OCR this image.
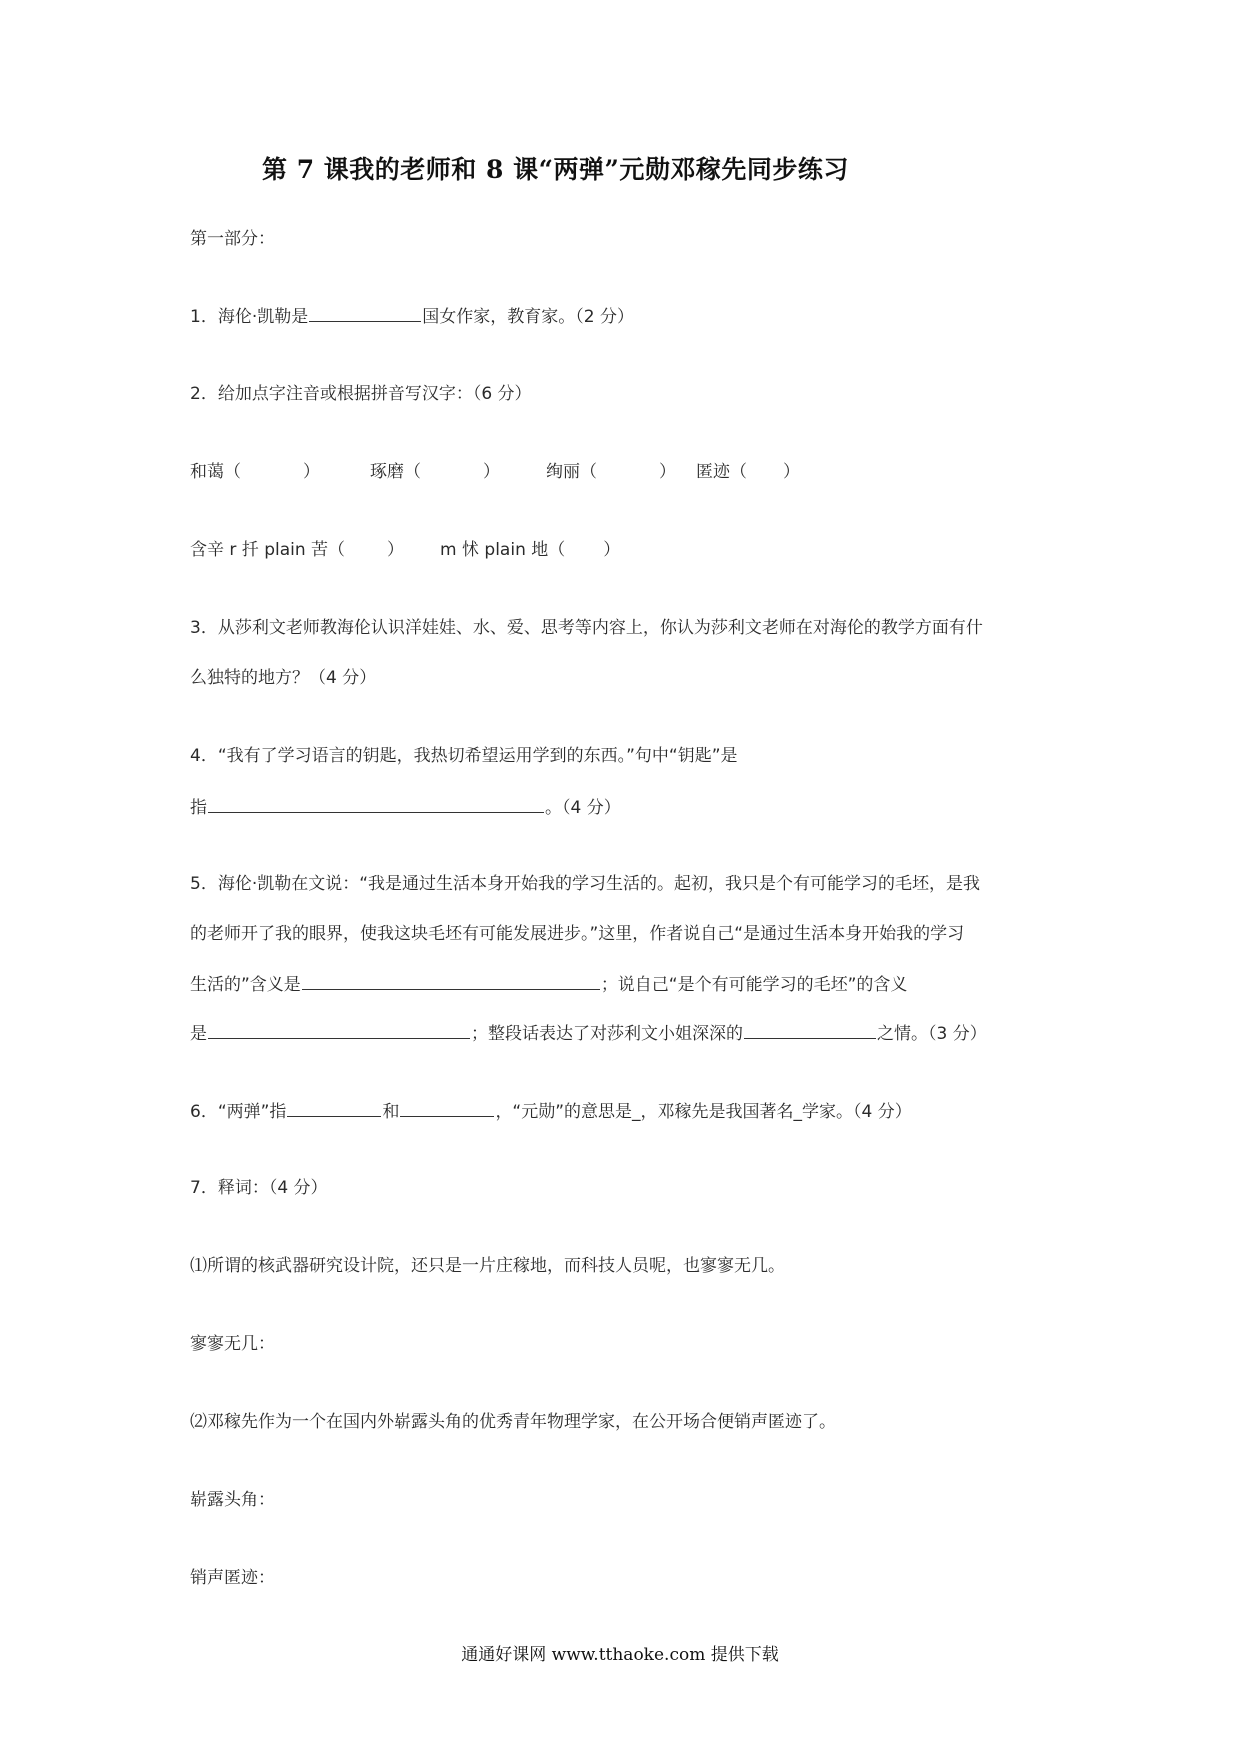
第 7 课我的老师和 8 课“两弹”元勋邓稼先同步练习
第一部分：
1．海伦·凯勒是	国女作家，教育家。（2 分）
2．给加点字注音或根据拼音写汉字：（6 分）
和蔼（	）	琢磨（	）	绚丽（	） 匿迹（ ）
含辛 r 扦 plain 苦（ ） m 怵 plain 地（ ）
3．从莎利文老师教海伦认识洋娃娃、水、爱、思考等内容上，你认为莎利文老师在对海伦的教学方面有什
么独特的地方？（4 分）
4．“我有了学习语言的钥匙，我热切希望运用学到的东西。”句中“钥匙”是
指	。（4 分）
5．海伦·凯勒在文说：“我是通过生活本身开始我的学习生活的。起初，我只是个有可能学习的毛坯，是我
的老师开了我的眼界，使我这块毛坯有可能发展进步。”这里，作者说自己“是通过生活本身开始我的学习
生活的”含义是	；说自己“是个有可能学习的毛坯”的含义
是	；整段话表达了对莎利文小姐深深的	之情。（3 分）
6．“两弹”指	和	，“元勋”的意思是_，邓稼先是我国著名_学家。（4 分）
7．释词：（4 分）
⑴所谓的核武器研究设计院，还只是一片庄稼地，而科技人员呢，也寥寥无几。
寥寥无几：
⑵邓稼先作为一个在国内外崭露头角的优秀青年物理学家，在公开场合便销声匿迹了。
崭露头角：
销声匿迹：
通通好课网 www.tthaoke.com 提供下载
